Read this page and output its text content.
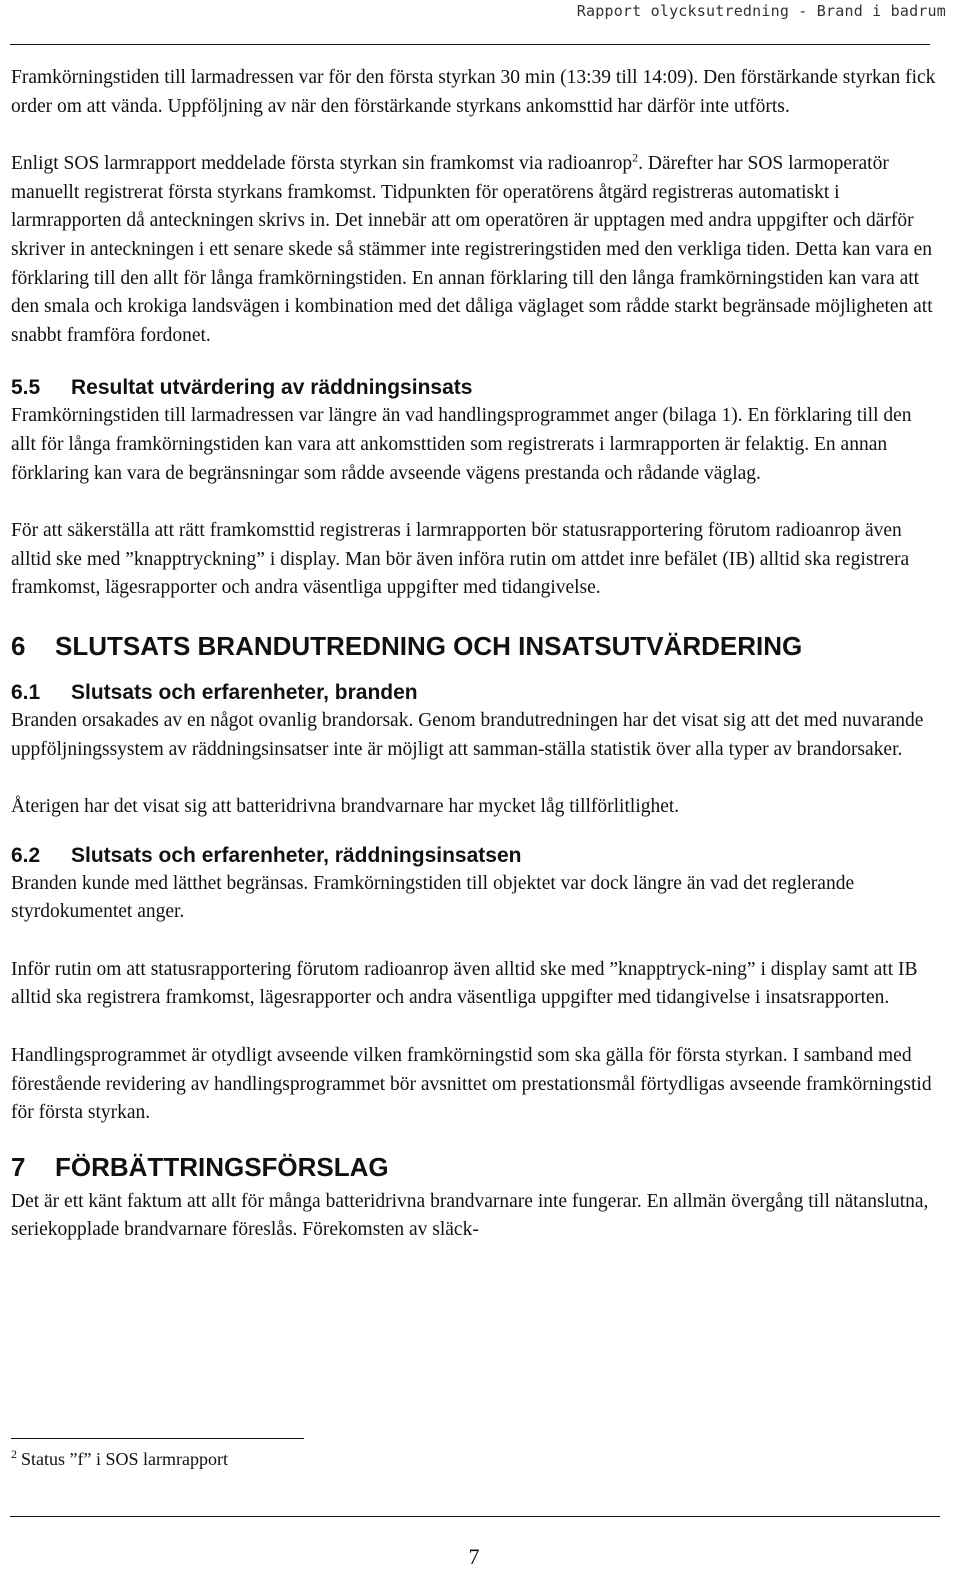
Rapport olycksutredning - Brand i badrum

Framkörningstiden till larmadressen var för den första styrkan 30 min (13:39 till 14:09). Den förstärkande styrkan fick order om att vända. Uppföljning av när den förstärkande styrkans ankomsttid har därför inte utförts.

Enligt SOS larmrapport meddelade första styrkan sin framkomst via radioanrop$^2$. Därefter har SOS larmoperatör manuellt registrerat första styrkans framkomst. Tidpunkten för operatörens åtgärd registreras automatiskt i larmrapporten då anteckningen skrivs in. Det innebär att om operatören är upptagen med andra uppgifter och därför skriver in anteckningen i ett senare skede så stämmer inte registreringstiden med den verkliga tiden. Detta kan vara en förklaring till den allt för långa framkörningstiden. En annan förklaring till den långa framkörningstiden kan vara att den smala och krokiga landsvägen i kombination med det dåliga väglaget som rådde starkt begränsade möjligheten att snabbt framföra fordonet.

5.5 Resultat utvärdering av räddningsinsats

Framkörningstiden till larmadressen var längre än vad handlingsprogrammet anger (bilaga 1). En förklaring till den allt för långa framkörningstiden kan vara att ankomsttiden som registrerats i larmrapporten är felaktig. En annan förklaring kan vara de begränsningar som rådde avseende vägens prestanda och rådande väglag.

För att säkerställa att rätt framkomsttid registreras i larmrapporten bör statusrapportering förutom radioanrop även alltid ske med ”knapptryckning” i display. Man bör även införa rutin om attdet inre befälet (IB) alltid ska registrera framkomst, lägesrapporter och andra väsentliga uppgifter med tidangivelse.

6 SLUTSATS BRANDUTREDNING OCH INSATSUTVÄRDERING
6.1 Slutsats och erfarenheter, branden

Branden orsakades av en något ovanlig brandorsak. Genom brandutredningen har det visat sig att det med nuvarande uppföljningssystem av räddningsinsatser inte är möjligt att samman-ställa statistik över alla typer av brandorsaker.

Återigen har det visat sig att batteridrivna brandvarnare har mycket låg tillförlitlighet.

6.2 Slutsats och erfarenheter, räddningsinsatsen

Branden kunde med lätthet begränsas. Framkörningstiden till objektet var dock längre än vad det reglerande styrdokumentet anger.

Inför rutin om att statusrapportering förutom radioanrop även alltid ske med ”knapptryck-ning” i display samt att IB alltid ska registrera framkomst, lägesrapporter och andra väsentliga uppgifter med tidangivelse i insatsrapporten.

Handlingsprogrammet är otydligt avseende vilken framkörningstid som ska gälla för första styrkan. I samband med förestående revidering av handlingsprogrammet bör avsnittet om prestationsmål förtydligas avseende framkörningstid för första styrkan.

7 FÖRBÄTTRINGSFÖRSLAG

Det är ett känt faktum att allt för många batteridrivna brandvarnare inte fungerar. En allmän övergång till nätanslutna, seriekopplade brandvarnare föreslås. Förekomsten av släck-

$^2$ Status ”f” i SOS larmrapport
7
